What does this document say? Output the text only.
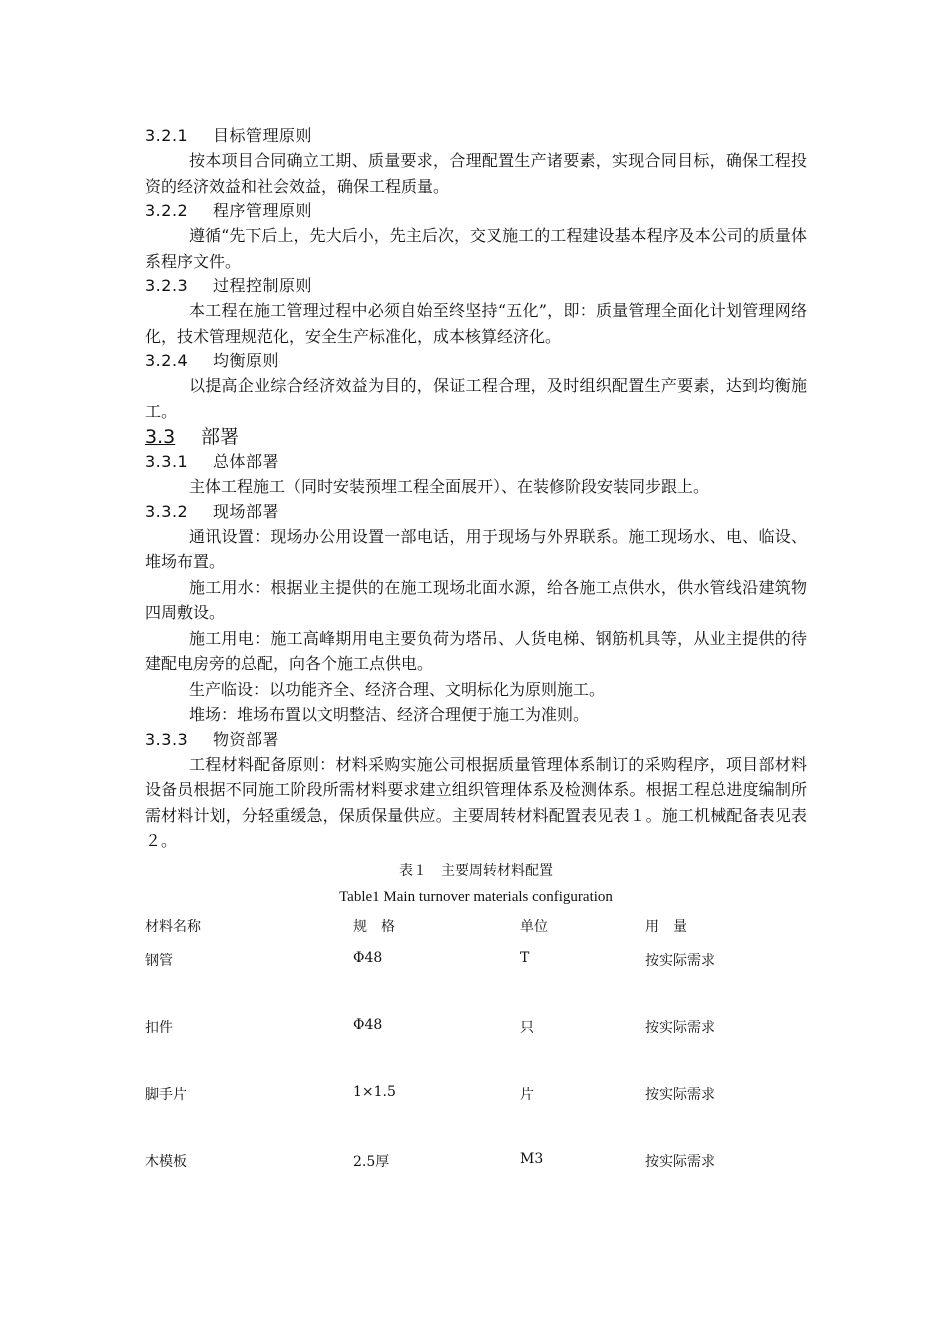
3.2.1 目标管理原则

按本项目合同确立工期、质量要求，合理配置生产诸要素，实现合同目标，确保工程投资的经济效益和社会效益，确保工程质量。

3.2.2 程序管理原则

遵循“先下后上，先大后小，先主后次，交叉施工的工程建设基本程序及本公司的质量体系程序文件。

3.2.3 过程控制原则

本工程在施工管理过程中必须自始至终坚持“五化”，即：质量管理全面化计划管理网络化，技术管理规范化，安全生产标准化，成本核算经济化。

3.2.4 均衡原则

以提高企业综合经济效益为目的，保证工程合理，及时组织配置生产要素，达到均衡施工。

3.3 部署
3.3.1 总体部署

主体工程施工（同时安装预埋工程全面展开）、在装修阶段安装同步跟上。

3.3.2 现场部署

通讯设置：现场办公用设置一部电话，用于现场与外界联系。施工现场水、电、临设、堆场布置。

施工用水：根据业主提供的在施工现场北面水源，给各施工点供水，供水管线沿建筑物四周敷设。

施工用电：施工高峰期用电主要负荷为塔吊、人货电梯、钢筋机具等，从业主提供的待建配电房旁的总配，向各个施工点供电。

生产临设：以功能齐全、经济合理、文明标化为原则施工。

堆场：堆场布置以文明整洁、经济合理便于施工为准则。

3.3.3 物资部署

工程材料配备原则：材料采购实施公司根据质量管理体系制订的采购程序，项目部材料设备员根据不同施工阶段所需材料要求建立组织管理体系及检测体系。根据工程总进度编制所需材料计划，分轻重缓急，保质保量供应。主要周转材料配置表见表１。施工机械配备表见表２。

表１　主要周转材料配置
Table1 Main turnover materials configuration
材料名称	规　格	单位	用　量
钢管	Φ48	T	按实际需求
扣件	Φ48	只	按实际需求
脚手片	1×1.5	片	按实际需求
木模板	2.5厚	M3	按实际需求
